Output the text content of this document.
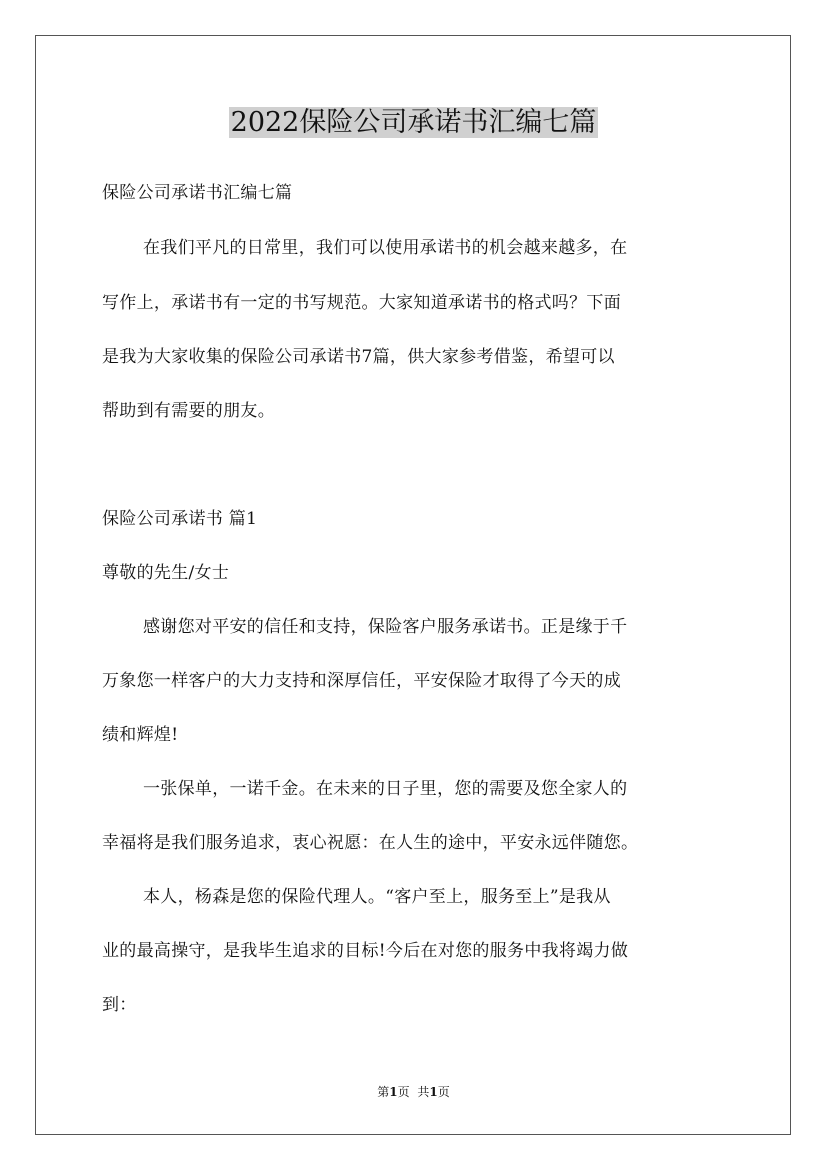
2022保险公司承诺书汇编七篇
保险公司承诺书汇编七篇
在我们平凡的日常里，我们可以使用承诺书的机会越来越多，在
写作上，承诺书有一定的书写规范。大家知道承诺书的格式吗？下面
是我为大家收集的保险公司承诺书7篇，供大家参考借鉴，希望可以
帮助到有需要的朋友。
保险公司承诺书 篇1
尊敬的先生/女士
感谢您对平安的信任和支持，保险客户服务承诺书。正是缘于千
万象您一样客户的大力支持和深厚信任，平安保险才取得了今天的成
绩和辉煌!
一张保单，一诺千金。在未来的日子里，您的需要及您全家人的
幸福将是我们服务追求，衷心祝愿：在人生的途中，平安永远伴随您。
本人，杨森是您的保险代理人。“客户至上，服务至上”是我从
业的最高操守，是我毕生追求的目标!今后在对您的服务中我将竭力做
到：
第1页 共1页
